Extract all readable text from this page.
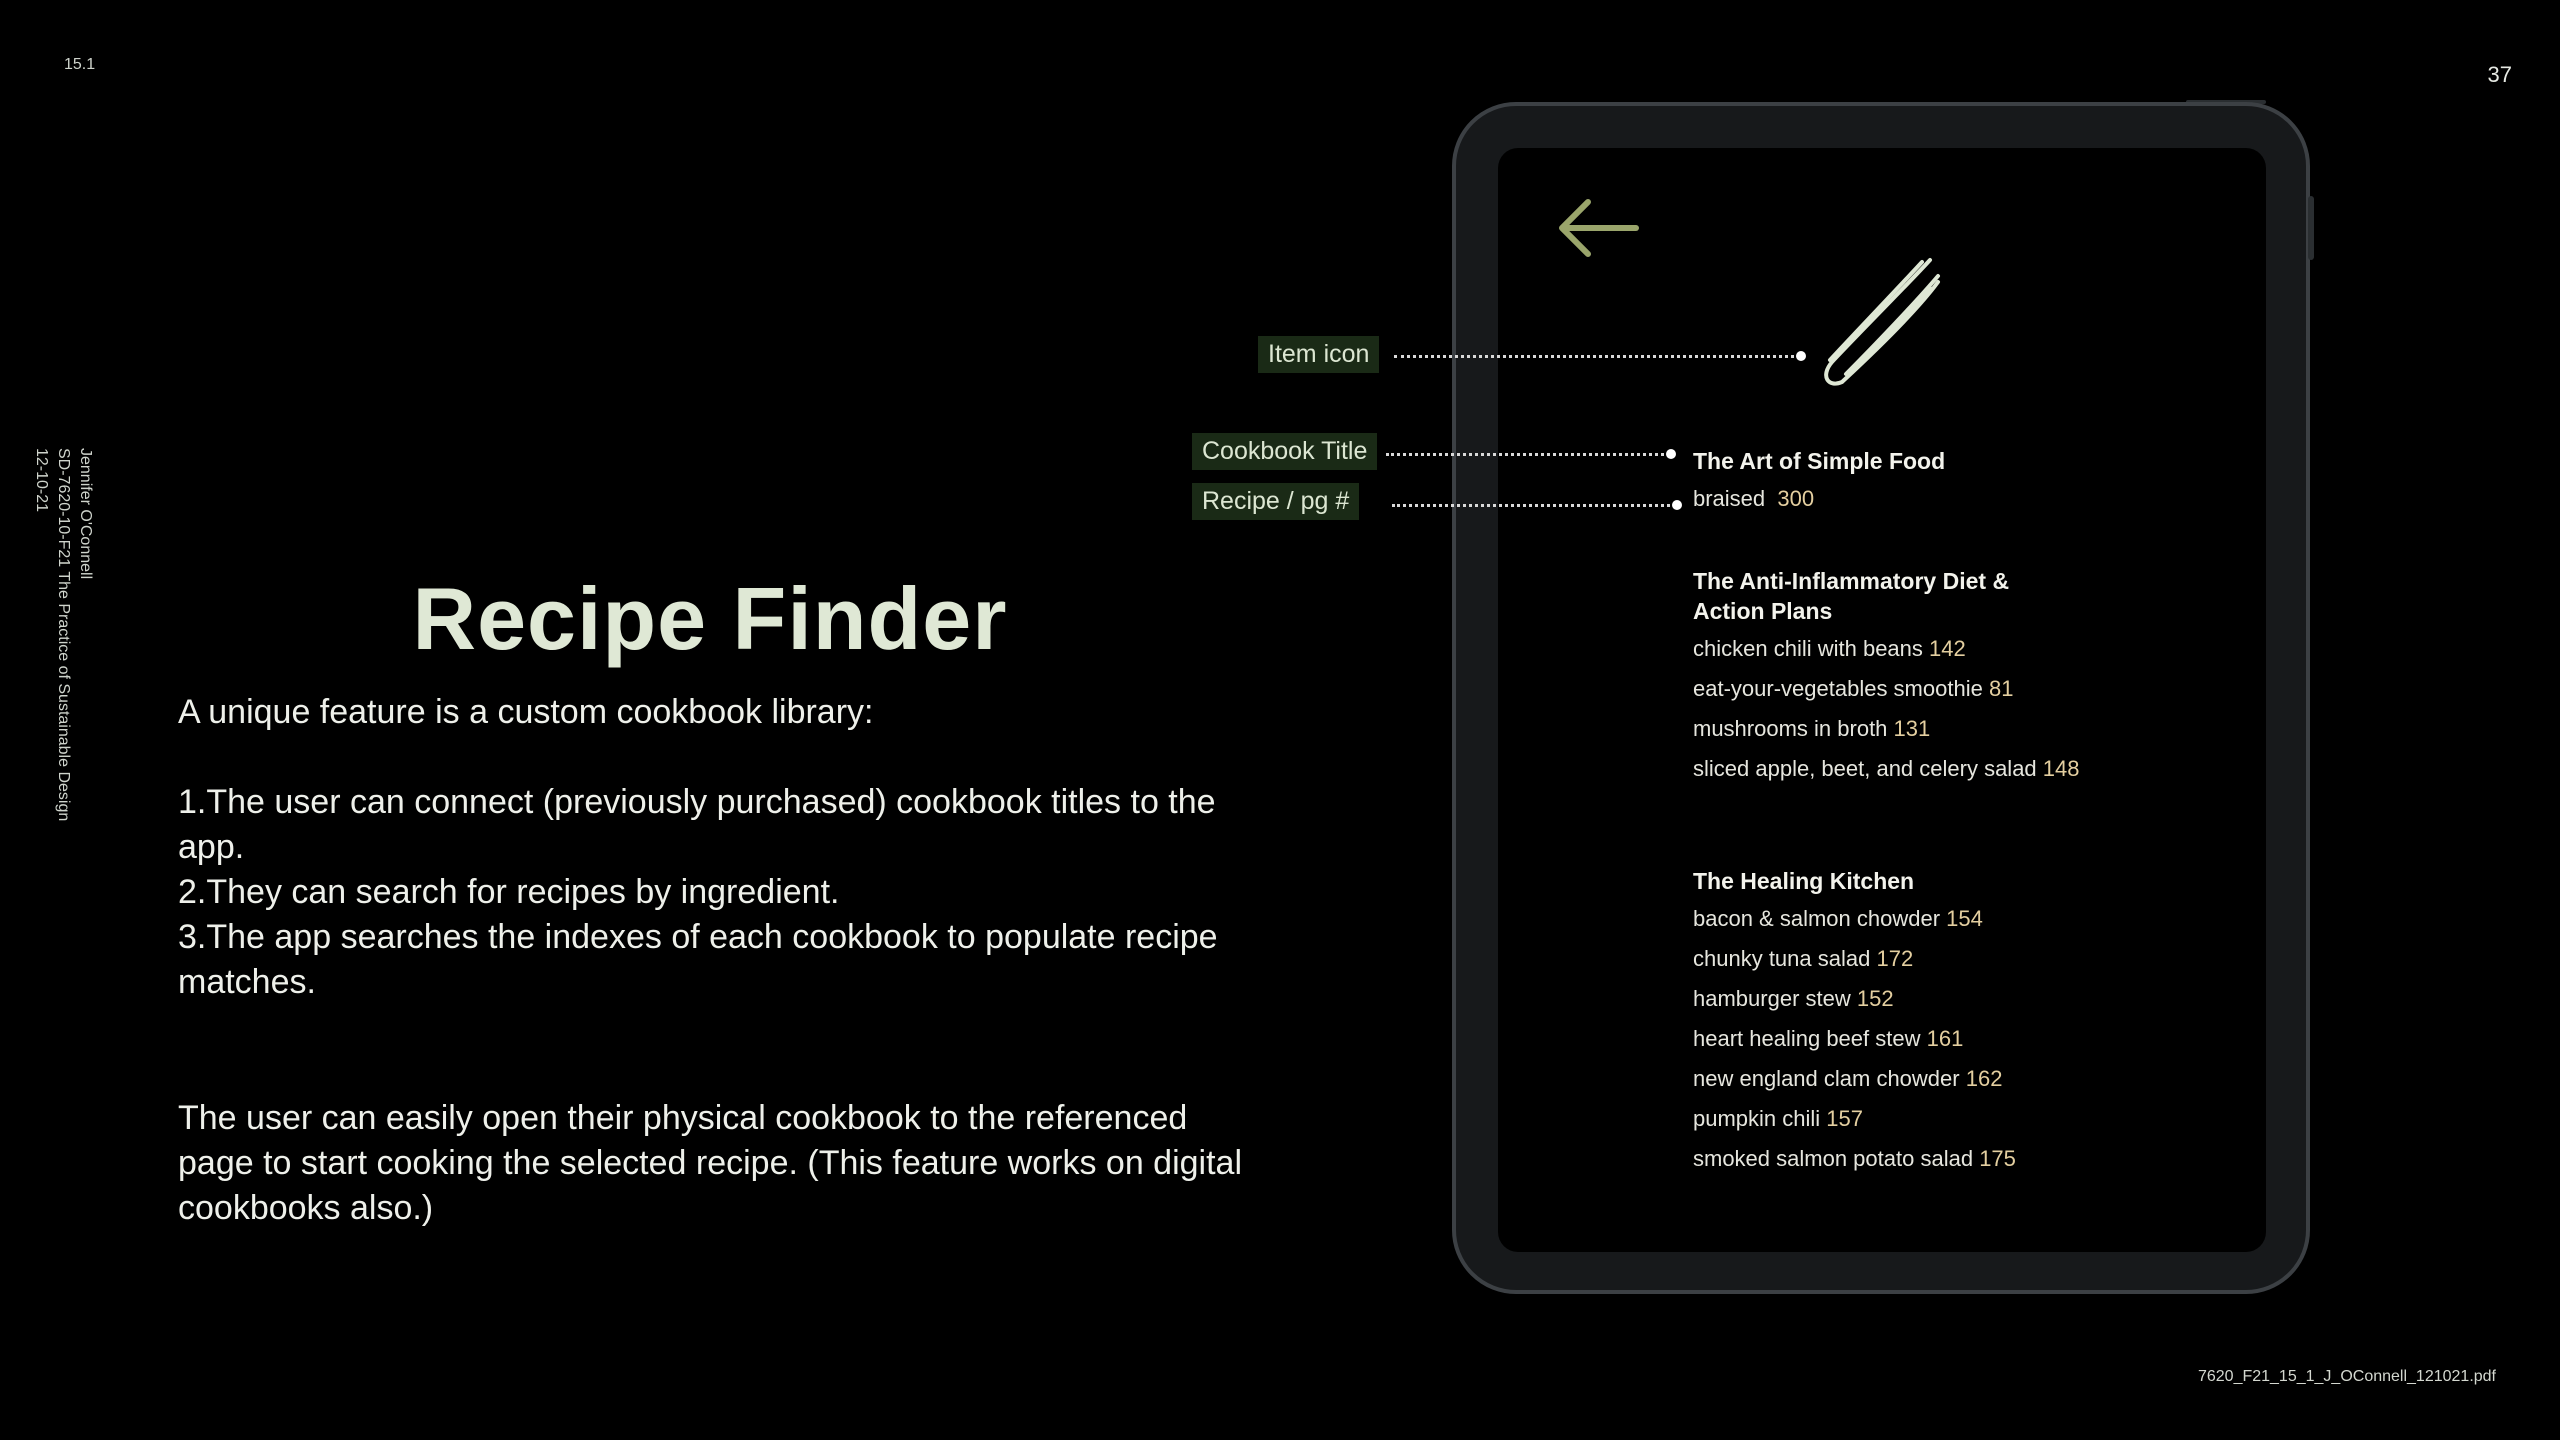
15.1	37
7620_F21_15_1_J_OConnell_121021.pdf
Jennifer O'Connell
SD-7620-10-F21 The Practice of Sustainable Design
12-10-21
Recipe Finder
A unique feature is a custom cookbook library:
1.The user can connect (previously purchased) cookbook titles to the app.
2.They can search for recipes by ingredient.
3.The app searches the indexes of each cookbook to populate recipe matches.
The user can easily open their physical cookbook to the referenced page to start cooking the selected recipe. (This feature works on digital cookbooks also.)
The Art of Simple Food
braised 300
The Anti-Inflammatory Diet & Action Plans
chicken chili with beans 142
eat-your-vegetables smoothie 81
mushrooms in broth 131
sliced apple, beet, and celery salad 148
The Healing Kitchen
bacon & salmon chowder 154
chunky tuna salad 172
hamburger stew 152
heart healing beef stew 161
new england clam chowder 162
pumpkin chili 157
smoked salmon potato salad 175
Item icon
Cookbook Title
Recipe / pg #
